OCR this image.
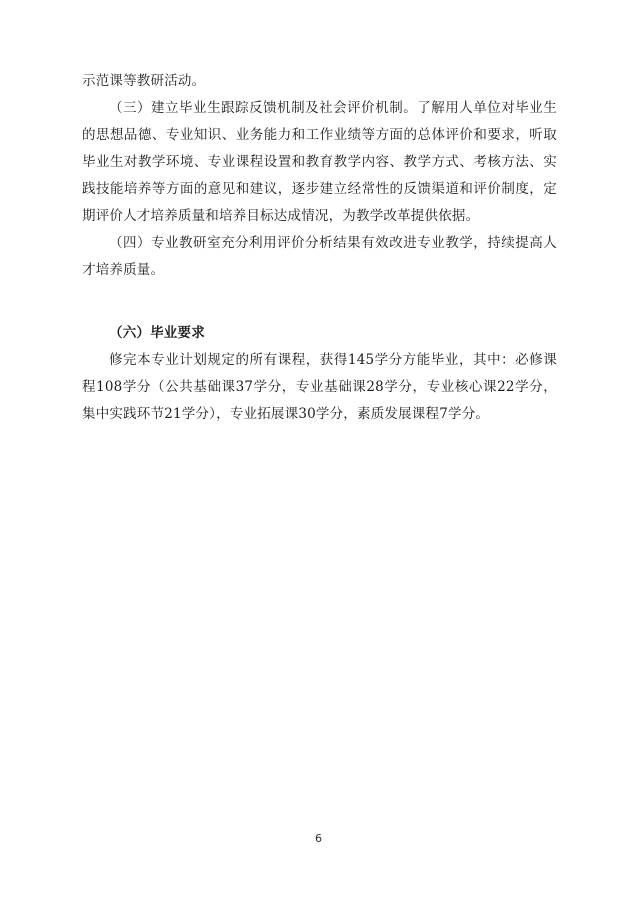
示范课等教研活动。

（三）建立毕业生跟踪反馈机制及社会评价机制。了解用人单位对毕业生的思想品德、专业知识、业务能力和工作业绩等方面的总体评价和要求，听取毕业生对教学环境、专业课程设置和教育教学内容、教学方式、考核方法、实践技能培养等方面的意见和建议，逐步建立经常性的反馈渠道和评价制度，定期评价人才培养质量和培养目标达成情况，为教学改革提供依据。

（四）专业教研室充分利用评价分析结果有效改进专业教学，持续提高人才培养质量。

（六）毕业要求

修完本专业计划规定的所有课程，获得145学分方能毕业，其中：必修课程108学分（公共基础课37学分，专业基础课28学分，专业核心课22学分，集中实践环节21学分），专业拓展课30学分，素质发展课程7学分。

6
